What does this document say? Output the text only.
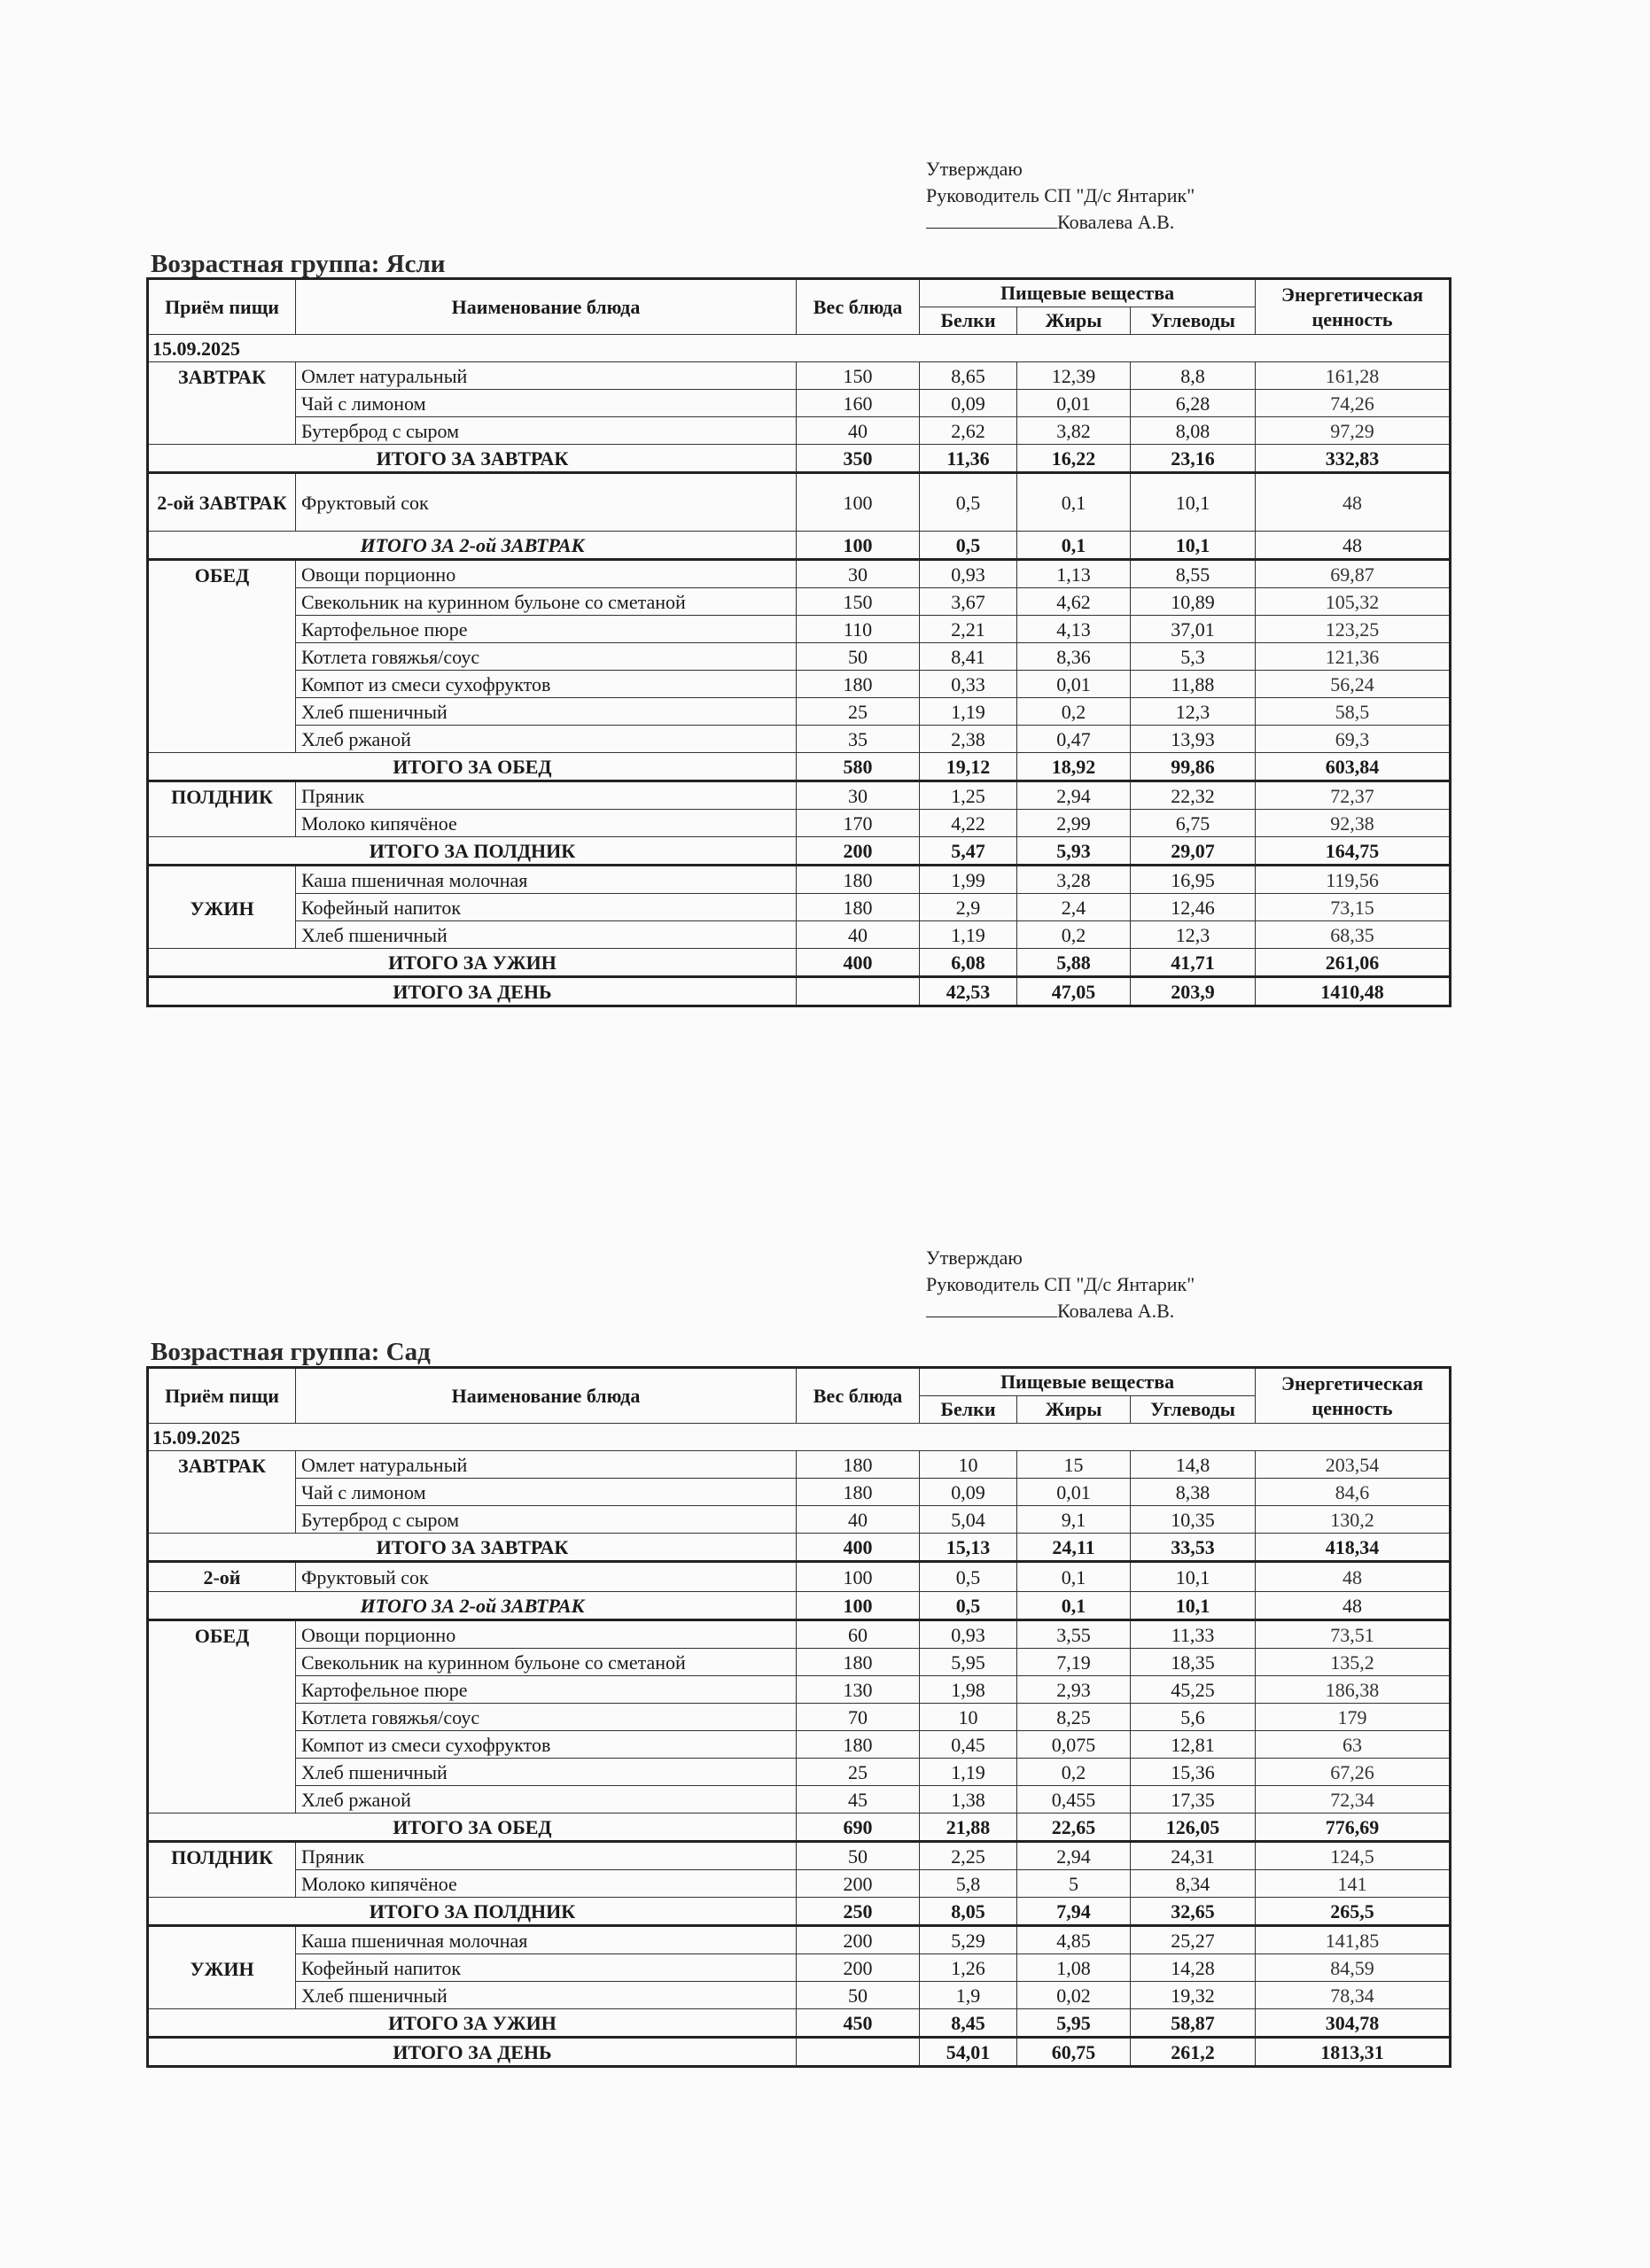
Утверждаю
Руководитель СП "Д/с Янтарик"
Ковалева А.В.
Возрастная группа: Ясли
Приём пищи	Наименование блюда	Вес блюда	Пищевые вещества			Энергетическая ценность
			Белки	Жиры	Углеводы	
15.09.2025						
ЗАВТРАК	Омлет натуральный	150	8,65	12,39	8,8	161,28
	Чай с лимоном	160	0,09	0,01	6,28	74,26
	Бутерброд с сыром	40	2,62	3,82	8,08	97,29
ИТОГО ЗА ЗАВТРАК		350	11,36	16,22	23,16	332,83
2-ой ЗАВТРАК	Фруктовый сок	100	0,5	0,1	10,1	48
ИТОГО ЗА 2-ой ЗАВТРАК		100	0,5	0,1	10,1	48
ОБЕД	Овощи порционно	30	0,93	1,13	8,55	69,87
	Свекольник на куринном бульоне со сметаной	150	3,67	4,62	10,89	105,32
	Картофельное пюре	110	2,21	4,13	37,01	123,25
	Котлета говяжья/соус	50	8,41	8,36	5,3	121,36
	Компот из смеси сухофруктов	180	0,33	0,01	11,88	56,24
	Хлеб пшеничный	25	1,19	0,2	12,3	58,5
	Хлеб ржаной	35	2,38	0,47	13,93	69,3
ИТОГО ЗА ОБЕД		580	19,12	18,92	99,86	603,84
ПОЛДНИК	Пряник	30	1,25	2,94	22,32	72,37
	Молоко кипячёное	170	4,22	2,99	6,75	92,38
ИТОГО ЗА ПОЛДНИК		200	5,47	5,93	29,07	164,75
УЖИН	Каша пшеничная молочная	180	1,99	3,28	16,95	119,56
	Кофейный напиток	180	2,9	2,4	12,46	73,15
	Хлеб пшеничный	40	1,19	0,2	12,3	68,35
ИТОГО ЗА УЖИН		400	6,08	5,88	41,71	261,06
ИТОГО ЗА ДЕНЬ			42,53	47,05	203,9	1410,48
Утверждаю
Руководитель СП "Д/с Янтарик"
Ковалева А.В.
Возрастная группа: Сад
Приём пищи	Наименование блюда	Вес блюда	Пищевые вещества			Энергетическая ценность
			Белки	Жиры	Углеводы	
15.09.2025						
ЗАВТРАК	Омлет натуральный	180	10	15	14,8	203,54
	Чай с лимоном	180	0,09	0,01	8,38	84,6
	Бутерброд с сыром	40	5,04	9,1	10,35	130,2
ИТОГО ЗА ЗАВТРАК		400	15,13	24,11	33,53	418,34
2-ой	Фруктовый сок	100	0,5	0,1	10,1	48
ИТОГО ЗА 2-ой ЗАВТРАК		100	0,5	0,1	10,1	48
ОБЕД	Овощи порционно	60	0,93	3,55	11,33	73,51
	Свекольник на куринном бульоне со сметаной	180	5,95	7,19	18,35	135,2
	Картофельное пюре	130	1,98	2,93	45,25	186,38
	Котлета говяжья/соус	70	10	8,25	5,6	179
	Компот из смеси сухофруктов	180	0,45	0,075	12,81	63
	Хлеб пшеничный	25	1,19	0,2	15,36	67,26
	Хлеб ржаной	45	1,38	0,455	17,35	72,34
ИТОГО ЗА ОБЕД		690	21,88	22,65	126,05	776,69
ПОЛДНИК	Пряник	50	2,25	2,94	24,31	124,5
	Молоко кипячёное	200	5,8	5	8,34	141
ИТОГО ЗА ПОЛДНИК		250	8,05	7,94	32,65	265,5
УЖИН	Каша пшеничная молочная	200	5,29	4,85	25,27	141,85
	Кофейный напиток	200	1,26	1,08	14,28	84,59
	Хлеб пшеничный	50	1,9	0,02	19,32	78,34
ИТОГО ЗА УЖИН		450	8,45	5,95	58,87	304,78
ИТОГО ЗА ДЕНЬ			54,01	60,75	261,2	1813,31
